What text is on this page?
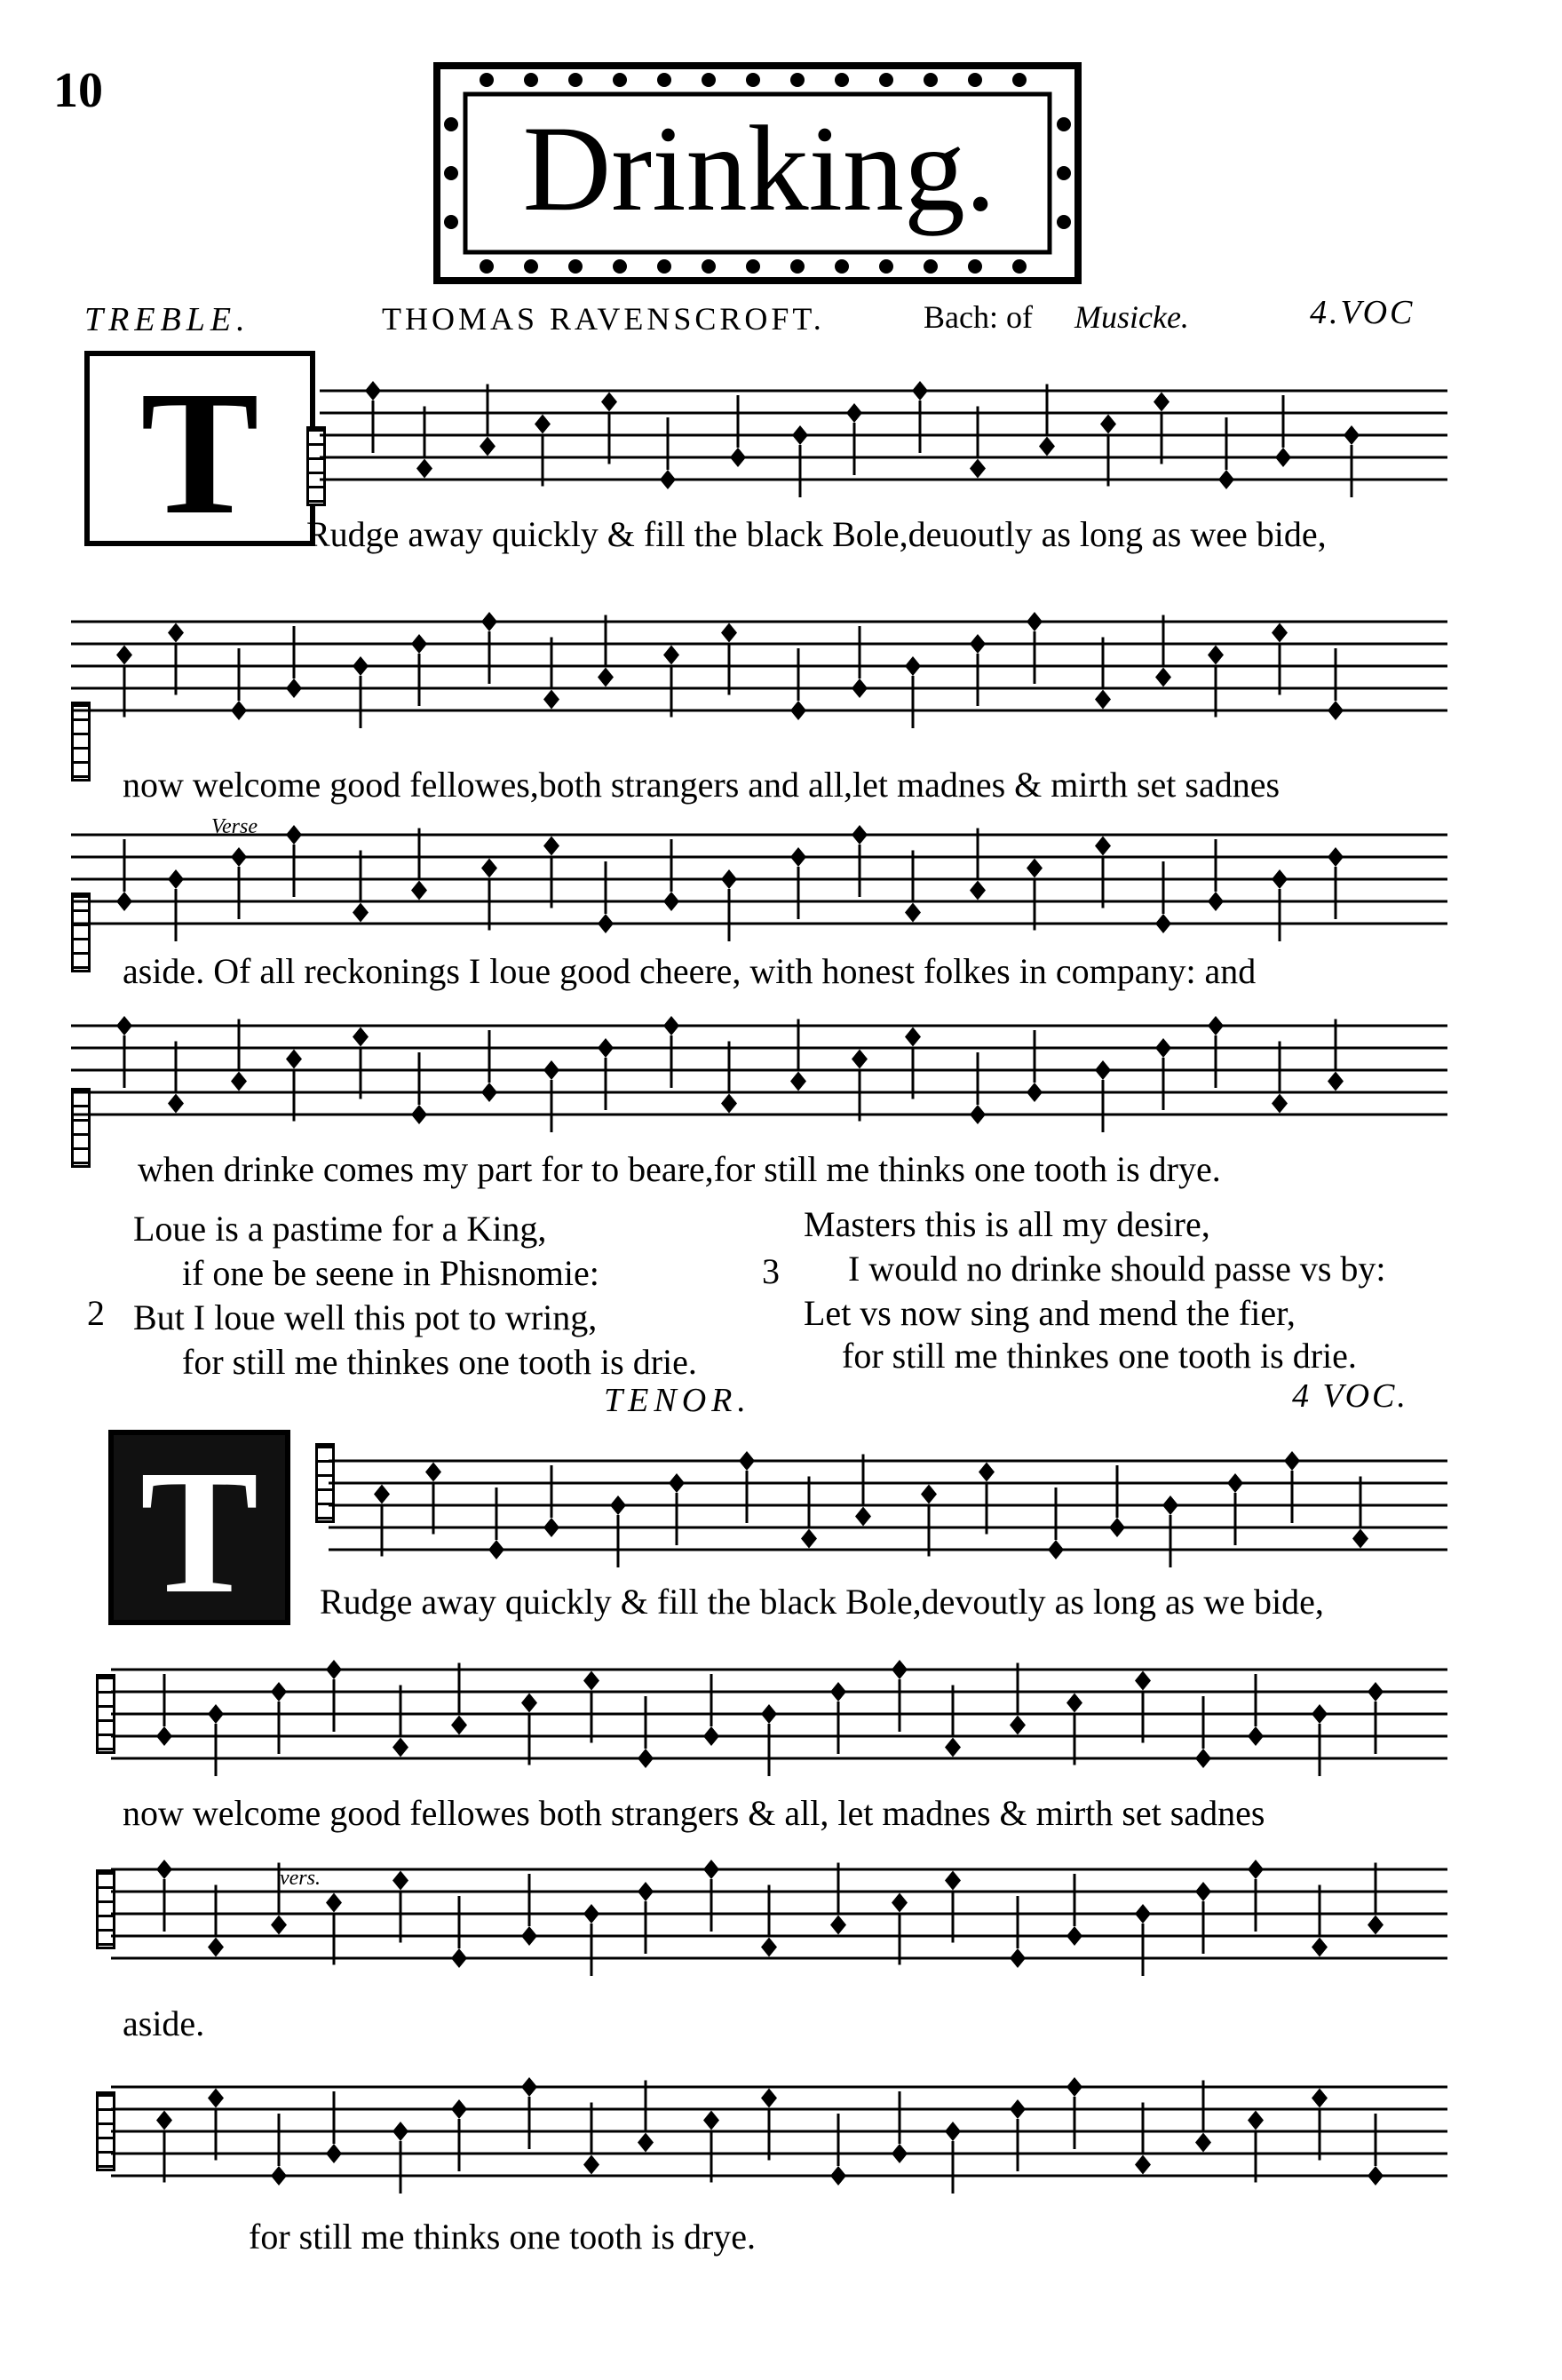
10
Drinking.
TREBLE.	THOMAS RAVENSCROFT.	Bach: of Musicke.	4.VOC
T	Rudge away quickly & fill the black Bole,deuoutly as long as wee bide,
now welcome good fellowes,both strangers and all,let madnes & mirth set sadnes
Verse
aside. Of all reckonings I loue good cheere, with honest folkes in company: and
when drinke comes my part for to beare,for still me thinks one tooth is drye.
2
Loue is a pastime for a King,
if one be seene in Phisnomie:
But I loue well this pot to wring,
for still me thinkes one tooth is drie.
3
Masters this is all my desire,
I would no drinke should passe vs by:
Let vs now sing and mend the fier,
for still me thinkes one tooth is drie.
TENOR.	4 VOC.
T	Rudge away quickly & fill the black Bole,devoutly as long as we bide,
now welcome good fellowes both strangers & all, let madnes & mirth set sadnes
vers.
aside.
for still me thinks one tooth is drye.
